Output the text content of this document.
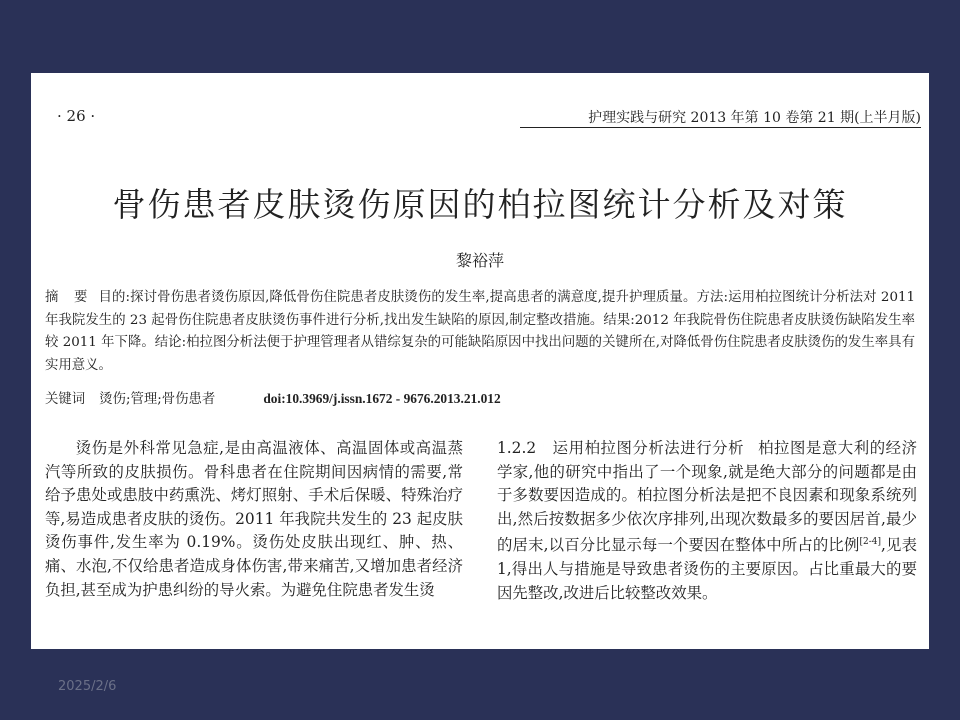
· 26 ·	护理实践与研究 2013 年第 10 卷第 21 期(上半月版)
骨伤患者皮肤烫伤原因的柏拉图统计分析及对策
黎裕萍
摘　要 目的:探讨骨伤患者烫伤原因,降低骨伤住院患者皮肤烫伤的发生率,提高患者的满意度,提升护理质量。方法:运用柏拉图统计分析法对 2011 年我院发生的 23 起骨伤住院患者皮肤烫伤事件进行分析,找出发生缺陷的原因,制定整改措施。结果:2012 年我院骨伤住院患者皮肤烫伤缺陷发生率较 2011 年下降。结论:柏拉图分析法便于护理管理者从错综复杂的可能缺陷原因中找出问题的关键所在,对降低骨伤住院患者皮肤烫伤的发生率具有实用意义。
关键词 烫伤;管理;骨伤患者	doi:10.3969/j.issn.1672 - 9676.2013.21.012

烫伤是外科常见急症,是由高温液体、高温固体或高温蒸汽等所致的皮肤损伤。骨科患者在住院期间因病情的需要,常给予患处或患肢中药熏洗、烤灯照射、手术后保暖、特殊治疗等,易造成患者皮肤的烫伤。2011 年我院共发生的 23 起皮肤烫伤事件,发生率为 0.19%。烫伤处皮肤出现红、肿、热、痛、水泡,不仅给患者造成身体伤害,带来痛苦,又增加患者经济负担,甚至成为护患纠纷的导火索。为避免住院患者发生烫

1.2.2　运用柏拉图分析法进行分析 柏拉图是意大利的经济学家,他的研究中指出了一个现象,就是绝大部分的问题都是由于多数要因造成的。柏拉图分析法是把不良因素和现象系统列出,然后按数据多少依次序排列,出现次数最多的要因居首,最少的居末,以百分比显示每一个要因在整体中所占的比例[2-4],见表 1,得出人与措施是导致患者烫伤的主要原因。占比重最大的要因先整改,改进后比较整改效果。

2025/2/6
